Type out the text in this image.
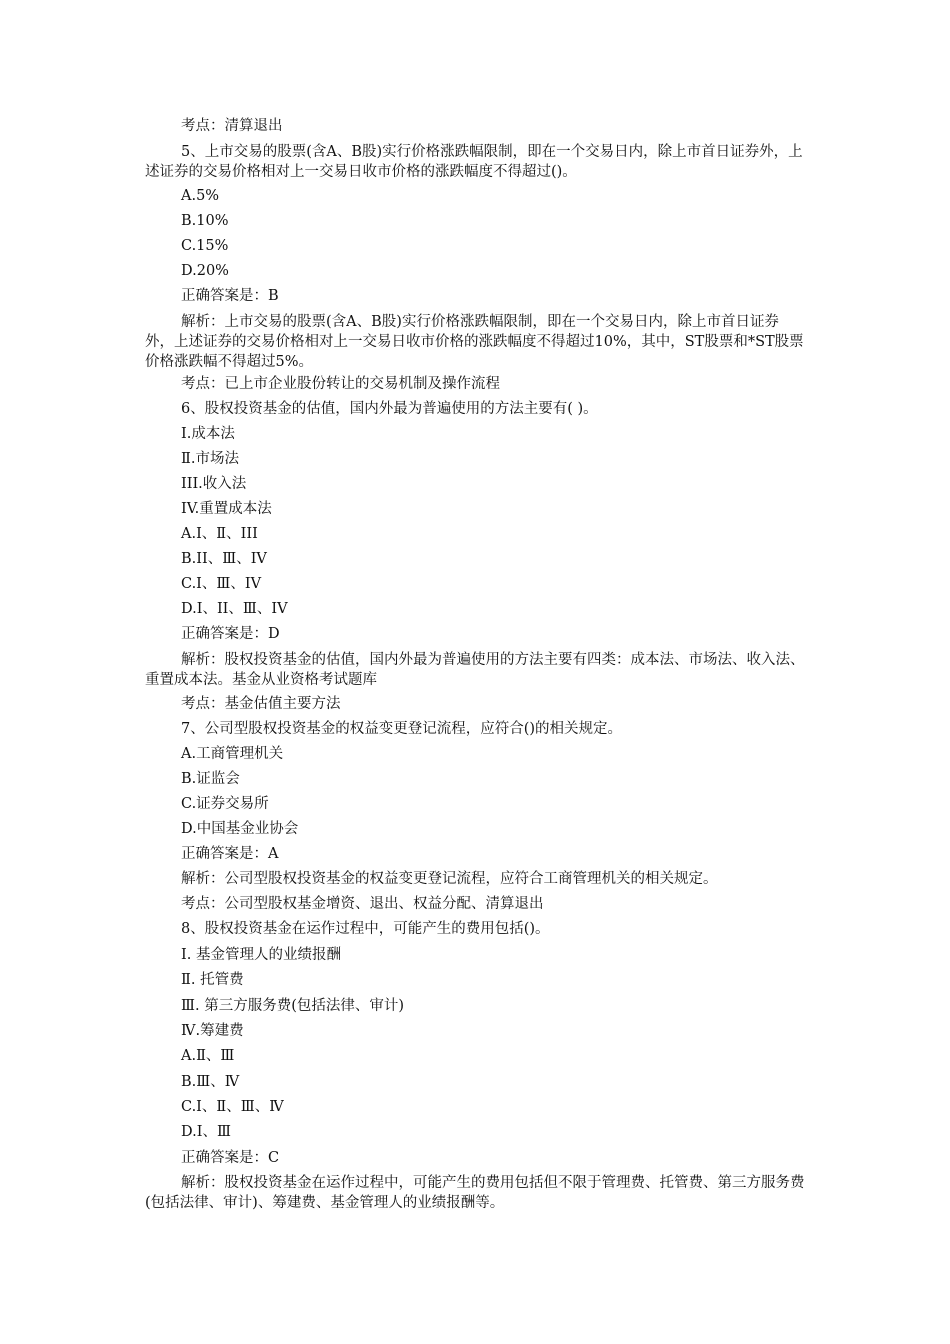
考点：清算退出
5、上市交易的股票(含A、B股)实行价格涨跌幅限制，即在一个交易日内，除上市首日证券外，上述证券的交易价格相对上一交易日收市价格的涨跌幅度不得超过()。
A.5%
B.10%
C.15%
D.20%
正确答案是：B
解析：上市交易的股票(含A、B股)实行价格涨跌幅限制，即在一个交易日内，除上市首日证券外，上述证券的交易价格相对上一交易日收市价格的涨跌幅度不得超过10%，其中，ST股票和*ST股票价格涨跌幅不得超过5%。
考点：已上市企业股份转让的交易机制及操作流程
6、股权投资基金的估值，国内外最为普遍使用的方法主要有( )。
Ⅰ.成本法
Ⅱ.市场法
III.收入法
IV.重置成本法
A.I、Ⅱ、III
B.II、Ⅲ、IV
C.I、Ⅲ、IV
D.I、II、Ⅲ、IV
正确答案是：D
解析：股权投资基金的估值，国内外最为普遍使用的方法主要有四类：成本法、市场法、收入法、重置成本法。基金从业资格考试题库
考点：基金估值主要方法
7、公司型股权投资基金的权益变更登记流程，应符合()的相关规定。
A.工商管理机关
B.证监会
C.证券交易所
D.中国基金业协会
正确答案是：A
解析：公司型股权投资基金的权益变更登记流程，应符合工商管理机关的相关规定。
考点：公司型股权基金增资、退出、权益分配、清算退出
8、股权投资基金在运作过程中，可能产生的费用包括()。
Ⅰ. 基金管理人的业绩报酬
Ⅱ. 托管费
Ⅲ. 第三方服务费(包括法律、审计)
Ⅳ.筹建费
A.Ⅱ、Ⅲ
B.Ⅲ、Ⅳ
C.Ⅰ、Ⅱ、Ⅲ、Ⅳ
D.Ⅰ、Ⅲ
正确答案是：C
解析：股权投资基金在运作过程中，可能产生的费用包括但不限于管理费、托管费、第三方服务费(包括法律、审计)、筹建费、基金管理人的业绩报酬等。
